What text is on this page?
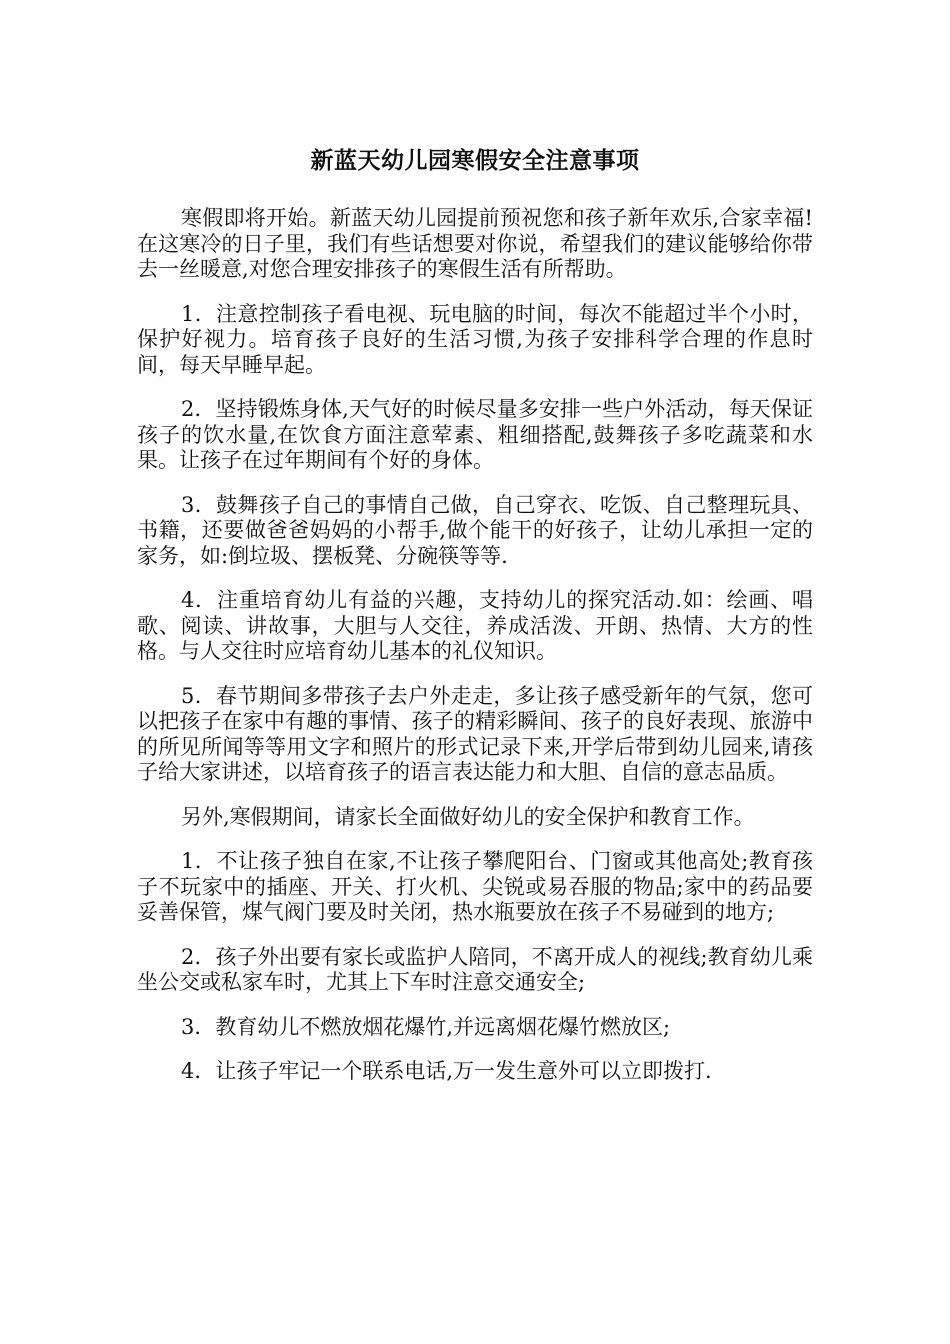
新蓝天幼儿园寒假安全注意事项

寒假即将开始。新蓝天幼儿园提前预祝您和孩子新年欢乐,合家幸福!在这寒冷的日子里，我们有些话想要对你说，希望我们的建议能够给你带去一丝暖意,对您合理安排孩子的寒假生活有所帮助。

1．注意控制孩子看电视、玩电脑的时间，每次不能超过半个小时，保护好视力。培育孩子良好的生活习惯,为孩子安排科学合理的作息时间，每天早睡早起。

2．坚持锻炼身体,天气好的时候尽量多安排一些户外活动，每天保证孩子的饮水量,在饮食方面注意荤素、粗细搭配,鼓舞孩子多吃蔬菜和水果。让孩子在过年期间有个好的身体。

3．鼓舞孩子自己的事情自己做，自己穿衣、吃饭、自己整理玩具、书籍，还要做爸爸妈妈的小帮手,做个能干的好孩子，让幼儿承担一定的家务，如:倒垃圾、摆板凳、分碗筷等等.

4．注重培育幼儿有益的兴趣，支持幼儿的探究活动.如：绘画、唱歌、阅读、讲故事，大胆与人交往，养成活泼、开朗、热情、大方的性格。与人交往时应培育幼儿基本的礼仪知识。

5．春节期间多带孩子去户外走走，多让孩子感受新年的气氛，您可以把孩子在家中有趣的事情、孩子的精彩瞬间、孩子的良好表现、旅游中的所见所闻等等用文字和照片的形式记录下来,开学后带到幼儿园来,请孩子给大家讲述，以培育孩子的语言表达能力和大胆、自信的意志品质。

另外,寒假期间，请家长全面做好幼儿的安全保护和教育工作。

1．不让孩子独自在家,不让孩子攀爬阳台、门窗或其他高处;教育孩子不玩家中的插座、开关、打火机、尖锐或易吞服的物品;家中的药品要妥善保管，煤气阀门要及时关闭，热水瓶要放在孩子不易碰到的地方;

2．孩子外出要有家长或监护人陪同，不离开成人的视线;教育幼儿乘坐公交或私家车时，尤其上下车时注意交通安全;

3．教育幼儿不燃放烟花爆竹,并远离烟花爆竹燃放区;

4．让孩子牢记一个联系电话,万一发生意外可以立即拨打.
